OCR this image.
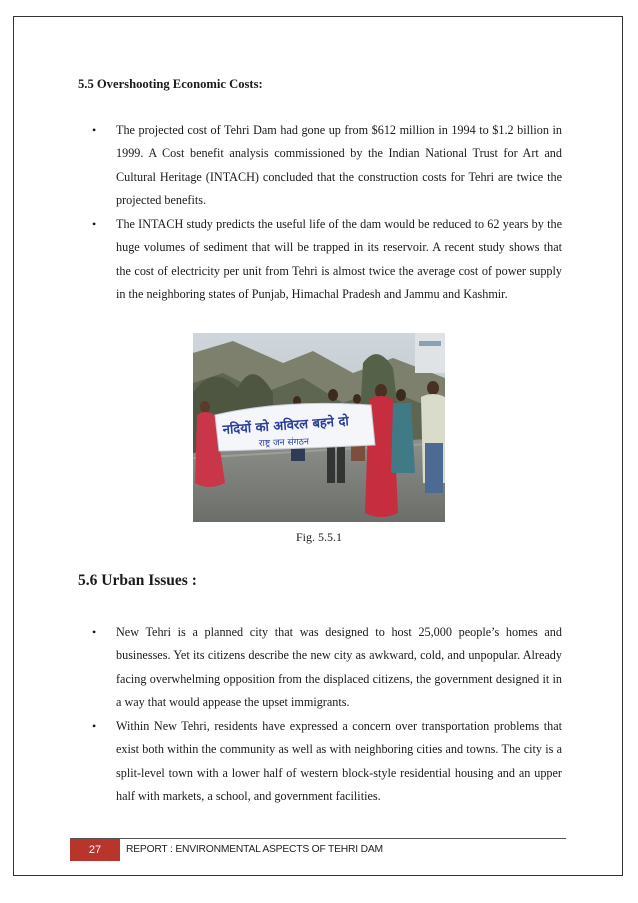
5.5 Overshooting Economic Costs:
• The projected cost of Tehri Dam had gone up from $612 million in 1994 to $1.2 billion in 1999. A Cost benefit analysis commissioned by the Indian National Trust for Art and Cultural Heritage (INTACH) concluded that the construction costs for Tehri are twice the projected benefits.
• The INTACH study predicts the useful life of the dam would be reduced to 62 years by the huge volumes of sediment that will be trapped in its reservoir. A recent study shows that the cost of electricity per unit from Tehri is almost twice the average cost of power supply in the neighboring states of Punjab, Himachal Pradesh and Jammu and Kashmir.
नदियों को अविरल बहने दो
राष्ट्र जन संगठन
Fig. 5.5.1
5.6 Urban Issues :
• New Tehri is a planned city that was designed to host 25,000 people’s homes and businesses. Yet its citizens describe the new city as awkward, cold, and unpopular. Already facing overwhelming opposition from the displaced citizens, the government designed it in a way that would appease the upset immigrants.
• Within New Tehri, residents have expressed a concern over transportation problems that exist both within the community as well as with neighboring cities and towns. The city is a split-level town with a lower half of western block-style residential housing and an upper half with markets, a school, and government facilities.
27	REPORT : ENVIRONMENTAL ASPECTS OF TEHRI DAM
